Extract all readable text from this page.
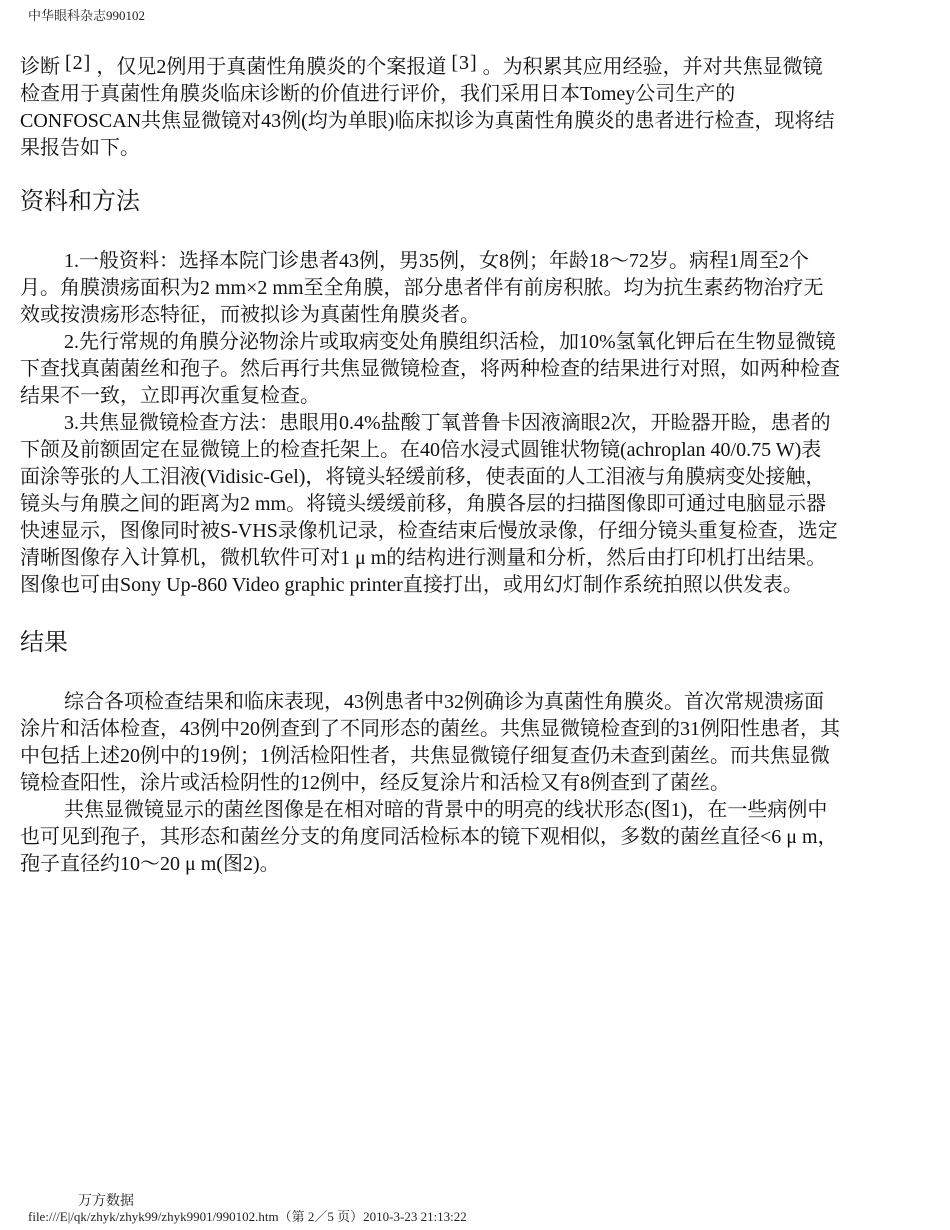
中华眼科杂志990102

诊断 [2] ，仅见2例用于真菌性角膜炎的个案报道 [3] 。为积累其应用经验，并对共焦显微镜检查用于真菌性角膜炎临床诊断的价值进行评价，我们采用日本Tomey公司生产的CONFOSCAN共焦显微镜对43例(均为单眼)临床拟诊为真菌性角膜炎的患者进行检查，现将结果报告如下。

资料和方法

1.一般资料：选择本院门诊患者43例，男35例，女8例；年龄18～72岁。病程1周至2个月。角膜溃疡面积为2 mm×2 mm至全角膜，部分患者伴有前房积脓。均为抗生素药物治疗无效或按溃疡形态特征，而被拟诊为真菌性角膜炎者。

2.先行常规的角膜分泌物涂片或取病变处角膜组织活检，加10%氢氧化钾后在生物显微镜下查找真菌菌丝和孢子。然后再行共焦显微镜检查，将两种检查的结果进行对照，如两种检查结果不一致，立即再次重复检查。

3.共焦显微镜检查方法：患眼用0.4%盐酸丁氧普鲁卡因液滴眼2次，开睑器开睑，患者的下颌及前额固定在显微镜上的检查托架上。在40倍水浸式圆锥状物镜(achroplan 40/0.75 W)表面涂等张的人工泪液(Vidisic-Gel)，将镜头轻缓前移，使表面的人工泪液与角膜病变处接触，镜头与角膜之间的距离为2 mm。将镜头缓缓前移，角膜各层的扫描图像即可通过电脑显示器快速显示，图像同时被S-VHS录像机记录，检查结束后慢放录像，仔细分镜头重复检查，选定清晰图像存入计算机，微机软件可对1 μ m的结构进行测量和分析，然后由打印机打出结果。图像也可由Sony Up-860 Video graphic printer直接打出，或用幻灯制作系统拍照以供发表。

结果

综合各项检查结果和临床表现，43例患者中32例确诊为真菌性角膜炎。首次常规溃疡面涂片和活体检查，43例中20例查到了不同形态的菌丝。共焦显微镜检查到的31例阳性患者，其中包括上述20例中的19例；1例活检阳性者，共焦显微镜仔细复查仍未查到菌丝。而共焦显微镜检查阳性，涂片或活检阴性的12例中，经反复涂片和活检又有8例查到了菌丝。

共焦显微镜显示的菌丝图像是在相对暗的背景中的明亮的线状形态(图1)，在一些病例中也可见到孢子，其形态和菌丝分支的角度同活检标本的镜下观相似，多数的菌丝直径<6 μ m，孢子直径约10～20 μ m(图2)。

万方数据
file:///E|/qk/zhyk/zhyk99/zhyk9901/990102.htm（第 2／5 页）2010-3-23 21:13:22
